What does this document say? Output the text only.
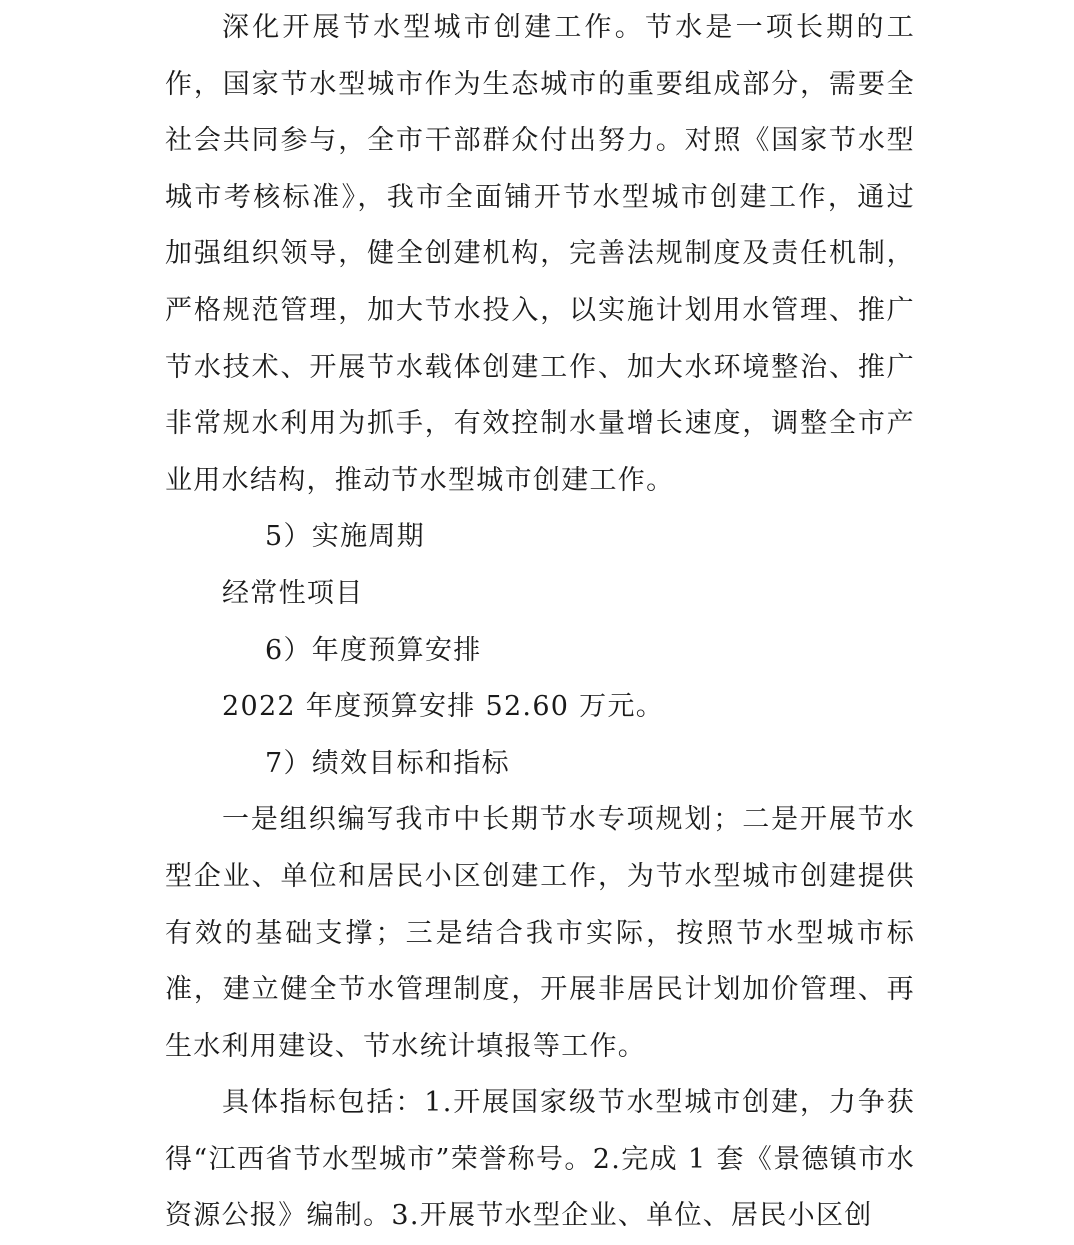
深化开展节水型城市创建工作。节水是一项长期的工作，国家节水型城市作为生态城市的重要组成部分，需要全社会共同参与，全市干部群众付出努力。对照《国家节水型城市考核标准》，我市全面铺开节水型城市创建工作，通过加强组织领导，健全创建机构，完善法规制度及责任机制，严格规范管理，加大节水投入，以实施计划用水管理、推广节水技术、开展节水载体创建工作、加大水环境整治、推广非常规水利用为抓手，有效控制水量增长速度，调整全市产业用水结构，推动节水型城市创建工作。

5）实施周期

经常性项目

6）年度预算安排

2022 年度预算安排 52.60 万元。

7）绩效目标和指标

一是组织编写我市中长期节水专项规划；二是开展节水型企业、单位和居民小区创建工作，为节水型城市创建提供有效的基础支撑；三是结合我市实际，按照节水型城市标准，建立健全节水管理制度，开展非居民计划加价管理、再生水利用建设、节水统计填报等工作。

具体指标包括：1.开展国家级节水型城市创建，力争获得“江西省节水型城市”荣誉称号。2.完成 1 套《景德镇市水资源公报》编制。3.开展节水型企业、单位、居民小区创
